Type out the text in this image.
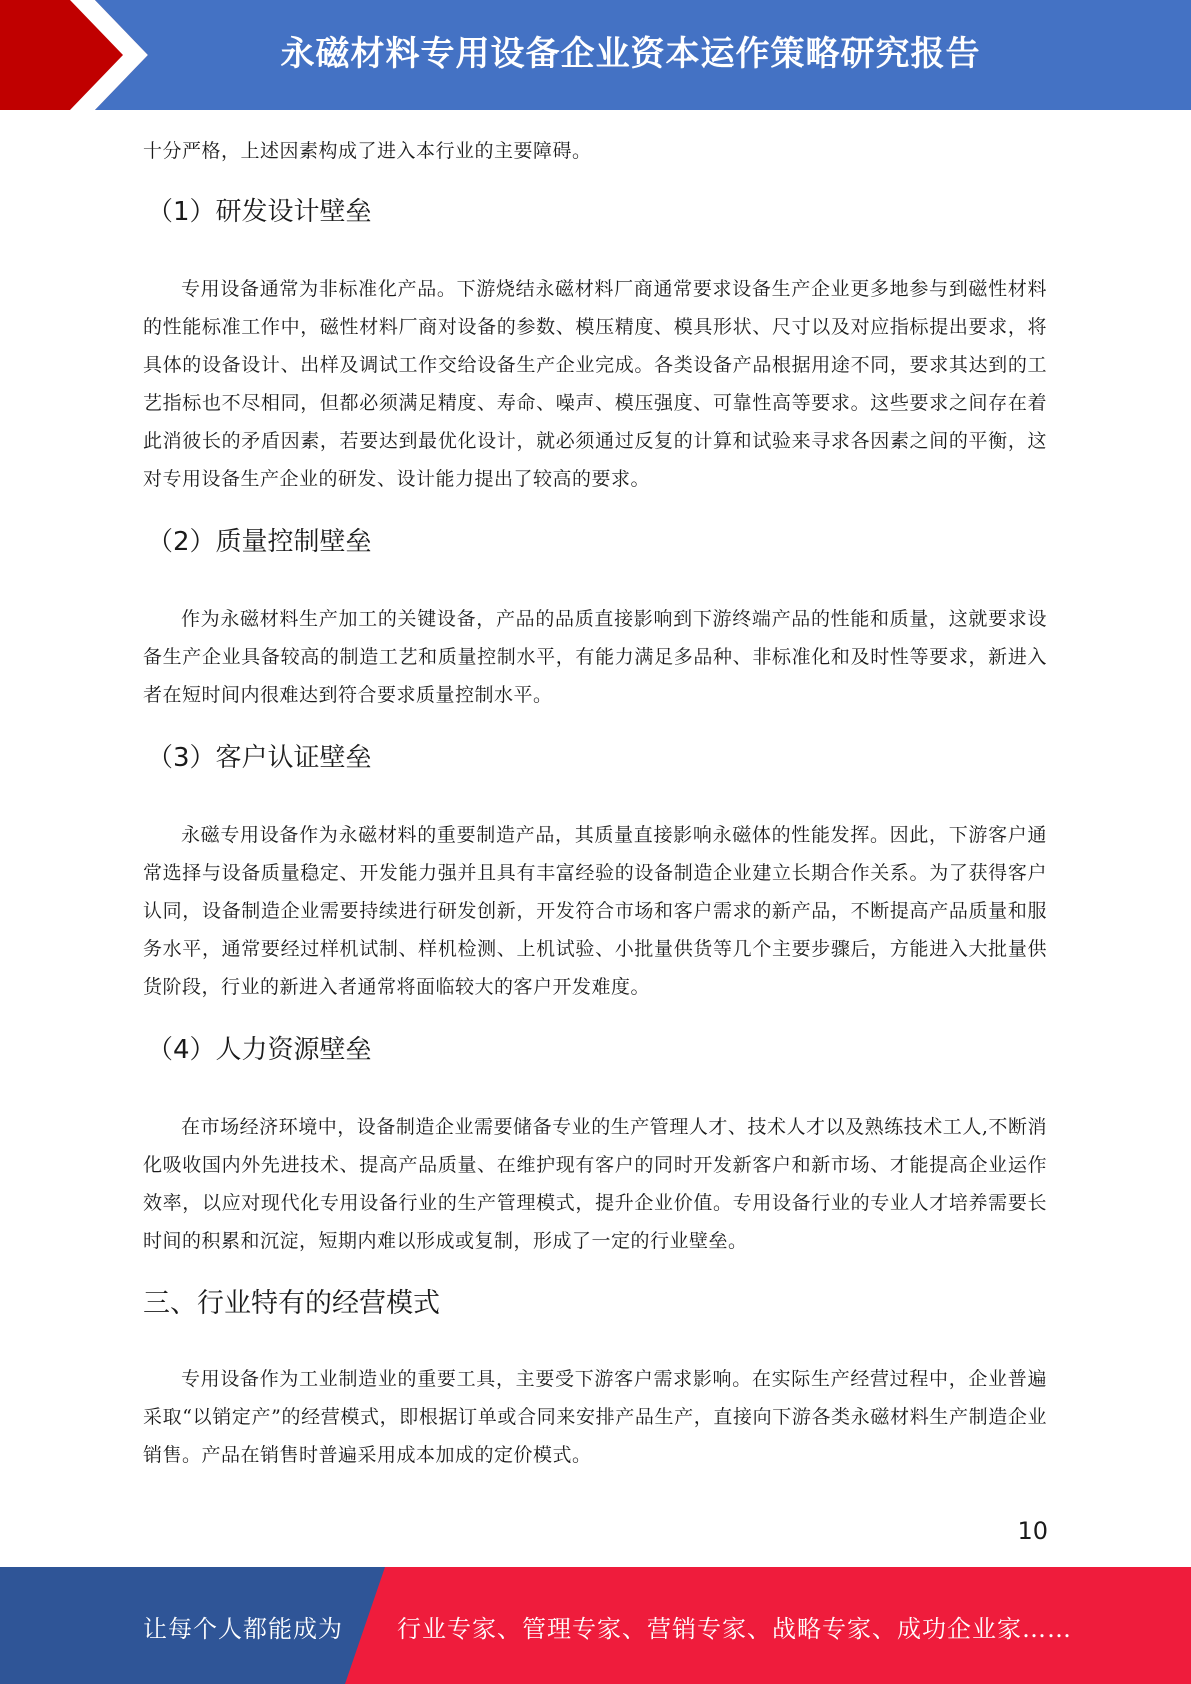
永磁材料专用设备企业资本运作策略研究报告

十分严格，上述因素构成了进入本行业的主要障碍。

（1）研发设计壁垒

专用设备通常为非标准化产品。下游烧结永磁材料厂商通常要求设备生产企业更多地参与到磁性材料的性能标准工作中，磁性材料厂商对设备的参数、模压精度、模具形状、尺寸以及对应指标提出要求，将具体的设备设计、出样及调试工作交给设备生产企业完成。各类设备产品根据用途不同，要求其达到的工艺指标也不尽相同，但都必须满足精度、寿命、噪声、模压强度、可靠性高等要求。这些要求之间存在着此消彼长的矛盾因素，若要达到最优化设计，就必须通过反复的计算和试验来寻求各因素之间的平衡，这对专用设备生产企业的研发、设计能力提出了较高的要求。

（2）质量控制壁垒

作为永磁材料生产加工的关键设备，产品的品质直接影响到下游终端产品的性能和质量，这就要求设备生产企业具备较高的制造工艺和质量控制水平，有能力满足多品种、非标准化和及时性等要求，新进入者在短时间内很难达到符合要求质量控制水平。

（3）客户认证壁垒

永磁专用设备作为永磁材料的重要制造产品，其质量直接影响永磁体的性能发挥。因此，下游客户通常选择与设备质量稳定、开发能力强并且具有丰富经验的设备制造企业建立长期合作关系。为了获得客户认同，设备制造企业需要持续进行研发创新，开发符合市场和客户需求的新产品，不断提高产品质量和服务水平，通常要经过样机试制、样机检测、上机试验、小批量供货等几个主要步骤后，方能进入大批量供货阶段，行业的新进入者通常将面临较大的客户开发难度。

（4）人力资源壁垒

在市场经济环境中，设备制造企业需要储备专业的生产管理人才、技术人才以及熟练技术工人,不断消化吸收国内外先进技术、提高产品质量、在维护现有客户的同时开发新客户和新市场、才能提高企业运作效率，以应对现代化专用设备行业的生产管理模式，提升企业价值。专用设备行业的专业人才培养需要长时间的积累和沉淀，短期内难以形成或复制，形成了一定的行业壁垒。

三、行业特有的经营模式

专用设备作为工业制造业的重要工具，主要受下游客户需求影响。在实际生产经营过程中，企业普遍采取“以销定产”的经营模式，即根据订单或合同来安排产品生产，直接向下游各类永磁材料生产制造企业销售。产品在销售时普遍采用成本加成的定价模式。

10
让每个人都能成为 行业专家、管理专家、营销专家、战略专家、成功企业家……
